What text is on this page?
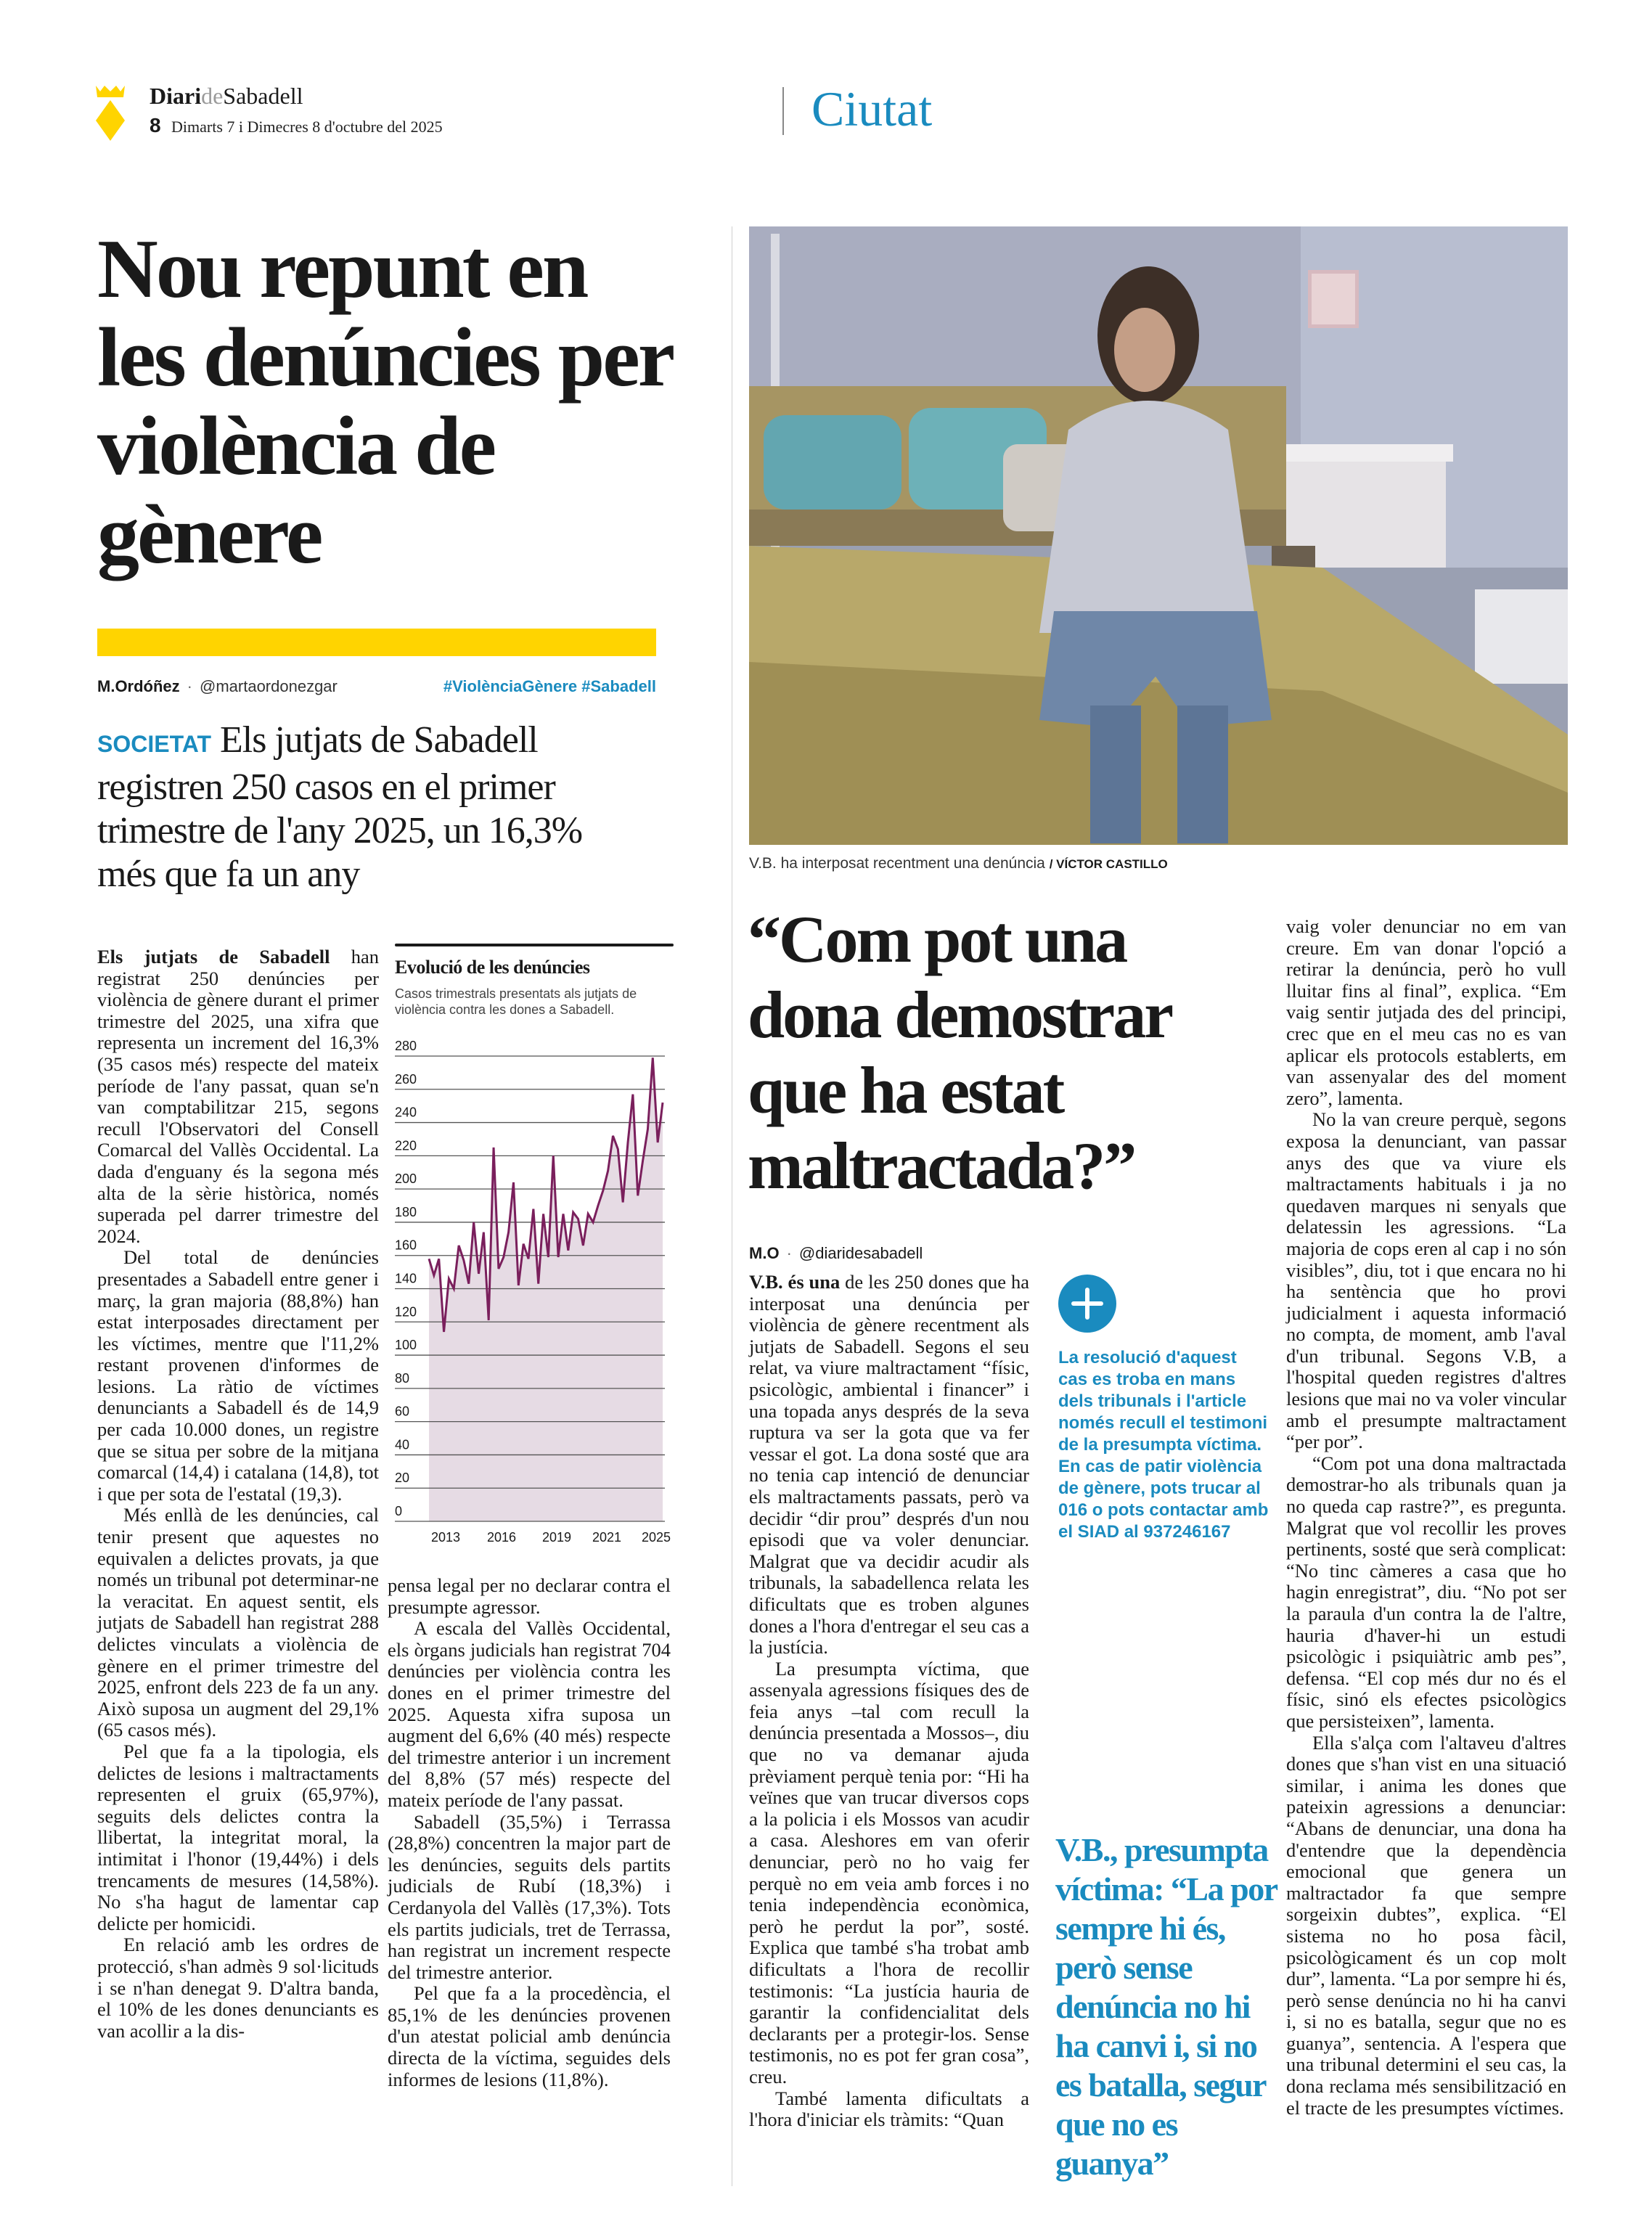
DiarideSabadell
8 Dimarts 7 i Dimecres 8 d'octubre del 2025	Ciutat
Nou repunt en les denúncies per violència de gènere
M.Ordóñez · @martaordonezgar	#ViolènciaGènere #Sabadell
SOCIETAT Els jutjats de Sabadell registren 250 casos en el primer trimestre de l'any 2025, un 16,3% més que fa un any

Els jutjats de Sabadell han registrat 250 denúncies per violència de gènere durant el primer trimestre del 2025, una xifra que representa un increment del 16,3% (35 casos més) respecte del mateix període de l'any passat, quan se'n van comptabilitzar 215, segons recull l'Observatori del Consell Comarcal del Vallès Occidental. La dada d'enguany és la segona més alta de la sèrie històrica, només superada pel darrer trimestre del 2024.

Del total de denúncies presentades a Sabadell entre gener i març, la gran majoria (88,8%) han estat interposades directament per les víctimes, mentre que l'11,2% restant provenen d'informes de lesions. La ràtio de víctimes denunciants a Sabadell és de 14,9 per cada 10.000 dones, un registre que se situa per sobre de la mitjana comarcal (14,4) i catalana (14,8), tot i que per sota de l'estatal (19,3).

Més enllà de les denúncies, cal tenir present que aquestes no equivalen a delictes provats, ja que només un tribunal pot determinar-ne la veracitat. En aquest sentit, els jutjats de Sabadell han registrat 288 delictes vinculats a violència de gènere en el primer trimestre del 2025, enfront dels 223 de fa un any. Això suposa un augment del 29,1% (65 casos més).

Pel que fa a la tipologia, els delictes de lesions i maltractaments representen el gruix (65,97%), seguits dels delictes contra la llibertat, la integritat moral, la intimitat i l'honor (19,44%) i dels trencaments de mesures (14,58%). No s'ha hagut de lamentar cap delicte per homicidi.

En relació amb les ordres de protecció, s'han admès 9 sol·licituds i se n'han denegat 9. D'altra banda, el 10% de les dones denunciants es van acollir a la dis-

Evolució de les denúncies
Casos trimestrals presentats als jutjats de violència contra les dones a Sabadell.
0
20
40
60
80
100
120
140
160
180
200
220
240
260
280
2013 2016 2019 2021 2025

pensa legal per no declarar contra el presumpte agressor.

A escala del Vallès Occidental, els òrgans judicials han registrat 704 denúncies per violència contra les dones en el primer trimestre del 2025. Aquesta xifra suposa un augment del 6,6% (40 més) respecte del trimestre anterior i un increment del 8,8% (57 més) respecte del mateix període de l'any passat.

Sabadell (35,5%) i Terrassa (28,8%) concentren la major part de les denúncies, seguits dels partits judicials de Rubí (18,3%) i Cerdanyola del Vallès (17,3%). Tots els partits judicials, tret de Terrassa, han registrat un increment respecte del trimestre anterior.

Pel que fa a la procedència, el 85,1% de les denúncies provenen d'un atestat policial amb denúncia directa de la víctima, seguides dels informes de lesions (11,8%).

V.B. ha interposat recentment una denúncia / VÍCTOR CASTILLO
“Com pot una dona demostrar que ha estat maltractada?”
M.O · @diaridesabadell

V.B. és una de les 250 dones que ha interposat una denúncia per violència de gènere recentment als jutjats de Sabadell. Segons el seu relat, va viure maltractament “físic, psicològic, ambiental i financer” i una topada anys després de la seva ruptura va ser la gota que va fer vessar el got. La dona sosté que ara no tenia cap intenció de denunciar els maltractaments passats, però va decidir “dir prou” després d'un nou episodi que va voler denunciar. Malgrat que va decidir acudir als tribunals, la sabadellenca relata les dificultats que es troben algunes dones a l'hora d'entregar el seu cas a la justícia.

La presumpta víctima, que assenyala agressions físiques des de feia anys –tal com recull la denúncia presentada a Mossos–, diu que no va demanar ajuda prèviament perquè tenia por: “Hi ha veïnes que van trucar diversos cops a la policia i els Mossos van acudir a casa. Aleshores em van oferir denunciar, però no ho vaig fer perquè no em veia amb forces i no tenia independència econòmica, però he perdut la por”, sosté. Explica que també s'ha trobat amb dificultats a l'hora de recollir testimonis: “La justícia hauria de garantir la confidencialitat dels declarants per a protegir-los. Sense testimonis, no es pot fer gran cosa”, creu.

També lamenta dificultats a l'hora d'iniciar els tràmits: “Quan

La resolució d'aquest cas es troba en mans dels tribunals i l'article només recull el testimoni de la presumpta víctima. En cas de patir violència de gènere, pots trucar al 016 o pots contactar amb el SIAD al 937246167
V.B., presumpta víctima: “La por sempre hi és, però sense denúncia no hi ha canvi i, si no es batalla, segur que no es guanya”

vaig voler denunciar no em van creure. Em van donar l'opció a retirar la denúncia, però ho vull lluitar fins al final”, explica. “Em vaig sentir jutjada des del principi, crec que en el meu cas no es van aplicar els protocols establerts, em van assenyalar des del moment zero”, lamenta.

No la van creure perquè, segons exposa la denunciant, van passar anys des que va viure els maltractaments habituals i ja no quedaven marques ni senyals que delatessin les agressions. “La majoria de cops eren al cap i no són visibles”, diu, tot i que encara no hi ha sentència que ho provi judicialment i aquesta informació no compta, de moment, amb l'aval d'un tribunal. Segons V.B, a l'hospital queden registres d'altres lesions que mai no va voler vincular amb el presumpte maltractament “per por”.

“Com pot una dona maltractada demostrar-ho als tribunals quan ja no queda cap rastre?”, es pregunta. Malgrat que vol recollir les proves pertinents, sosté que serà complicat: “No tinc càmeres a casa que ho hagin enregistrat”, diu. “No pot ser la paraula d'un contra la de l'altre, hauria d'haver-hi un estudi psicològic i psiquiàtric amb pes”, defensa. “El cop més dur no és el físic, sinó els efectes psicològics que persisteixen”, lamenta.

Ella s'alça com l'altaveu d'altres dones que s'han vist en una situació similar, i anima les dones que pateixin agressions a denunciar: “Abans de denunciar, una dona ha d'entendre que la dependència emocional que genera un maltractador fa que sempre sorgeixin dubtes”, explica. “El sistema no ho posa fàcil, psicològicament és un cop molt dur”, lamenta. “La por sempre hi és, però sense denúncia no hi ha canvi i, si no es batalla, segur que no es guanya”, sentencia. A l'espera que una tribunal determini el seu cas, la dona reclama més sensibilització en el tracte de les presumptes víctimes.
